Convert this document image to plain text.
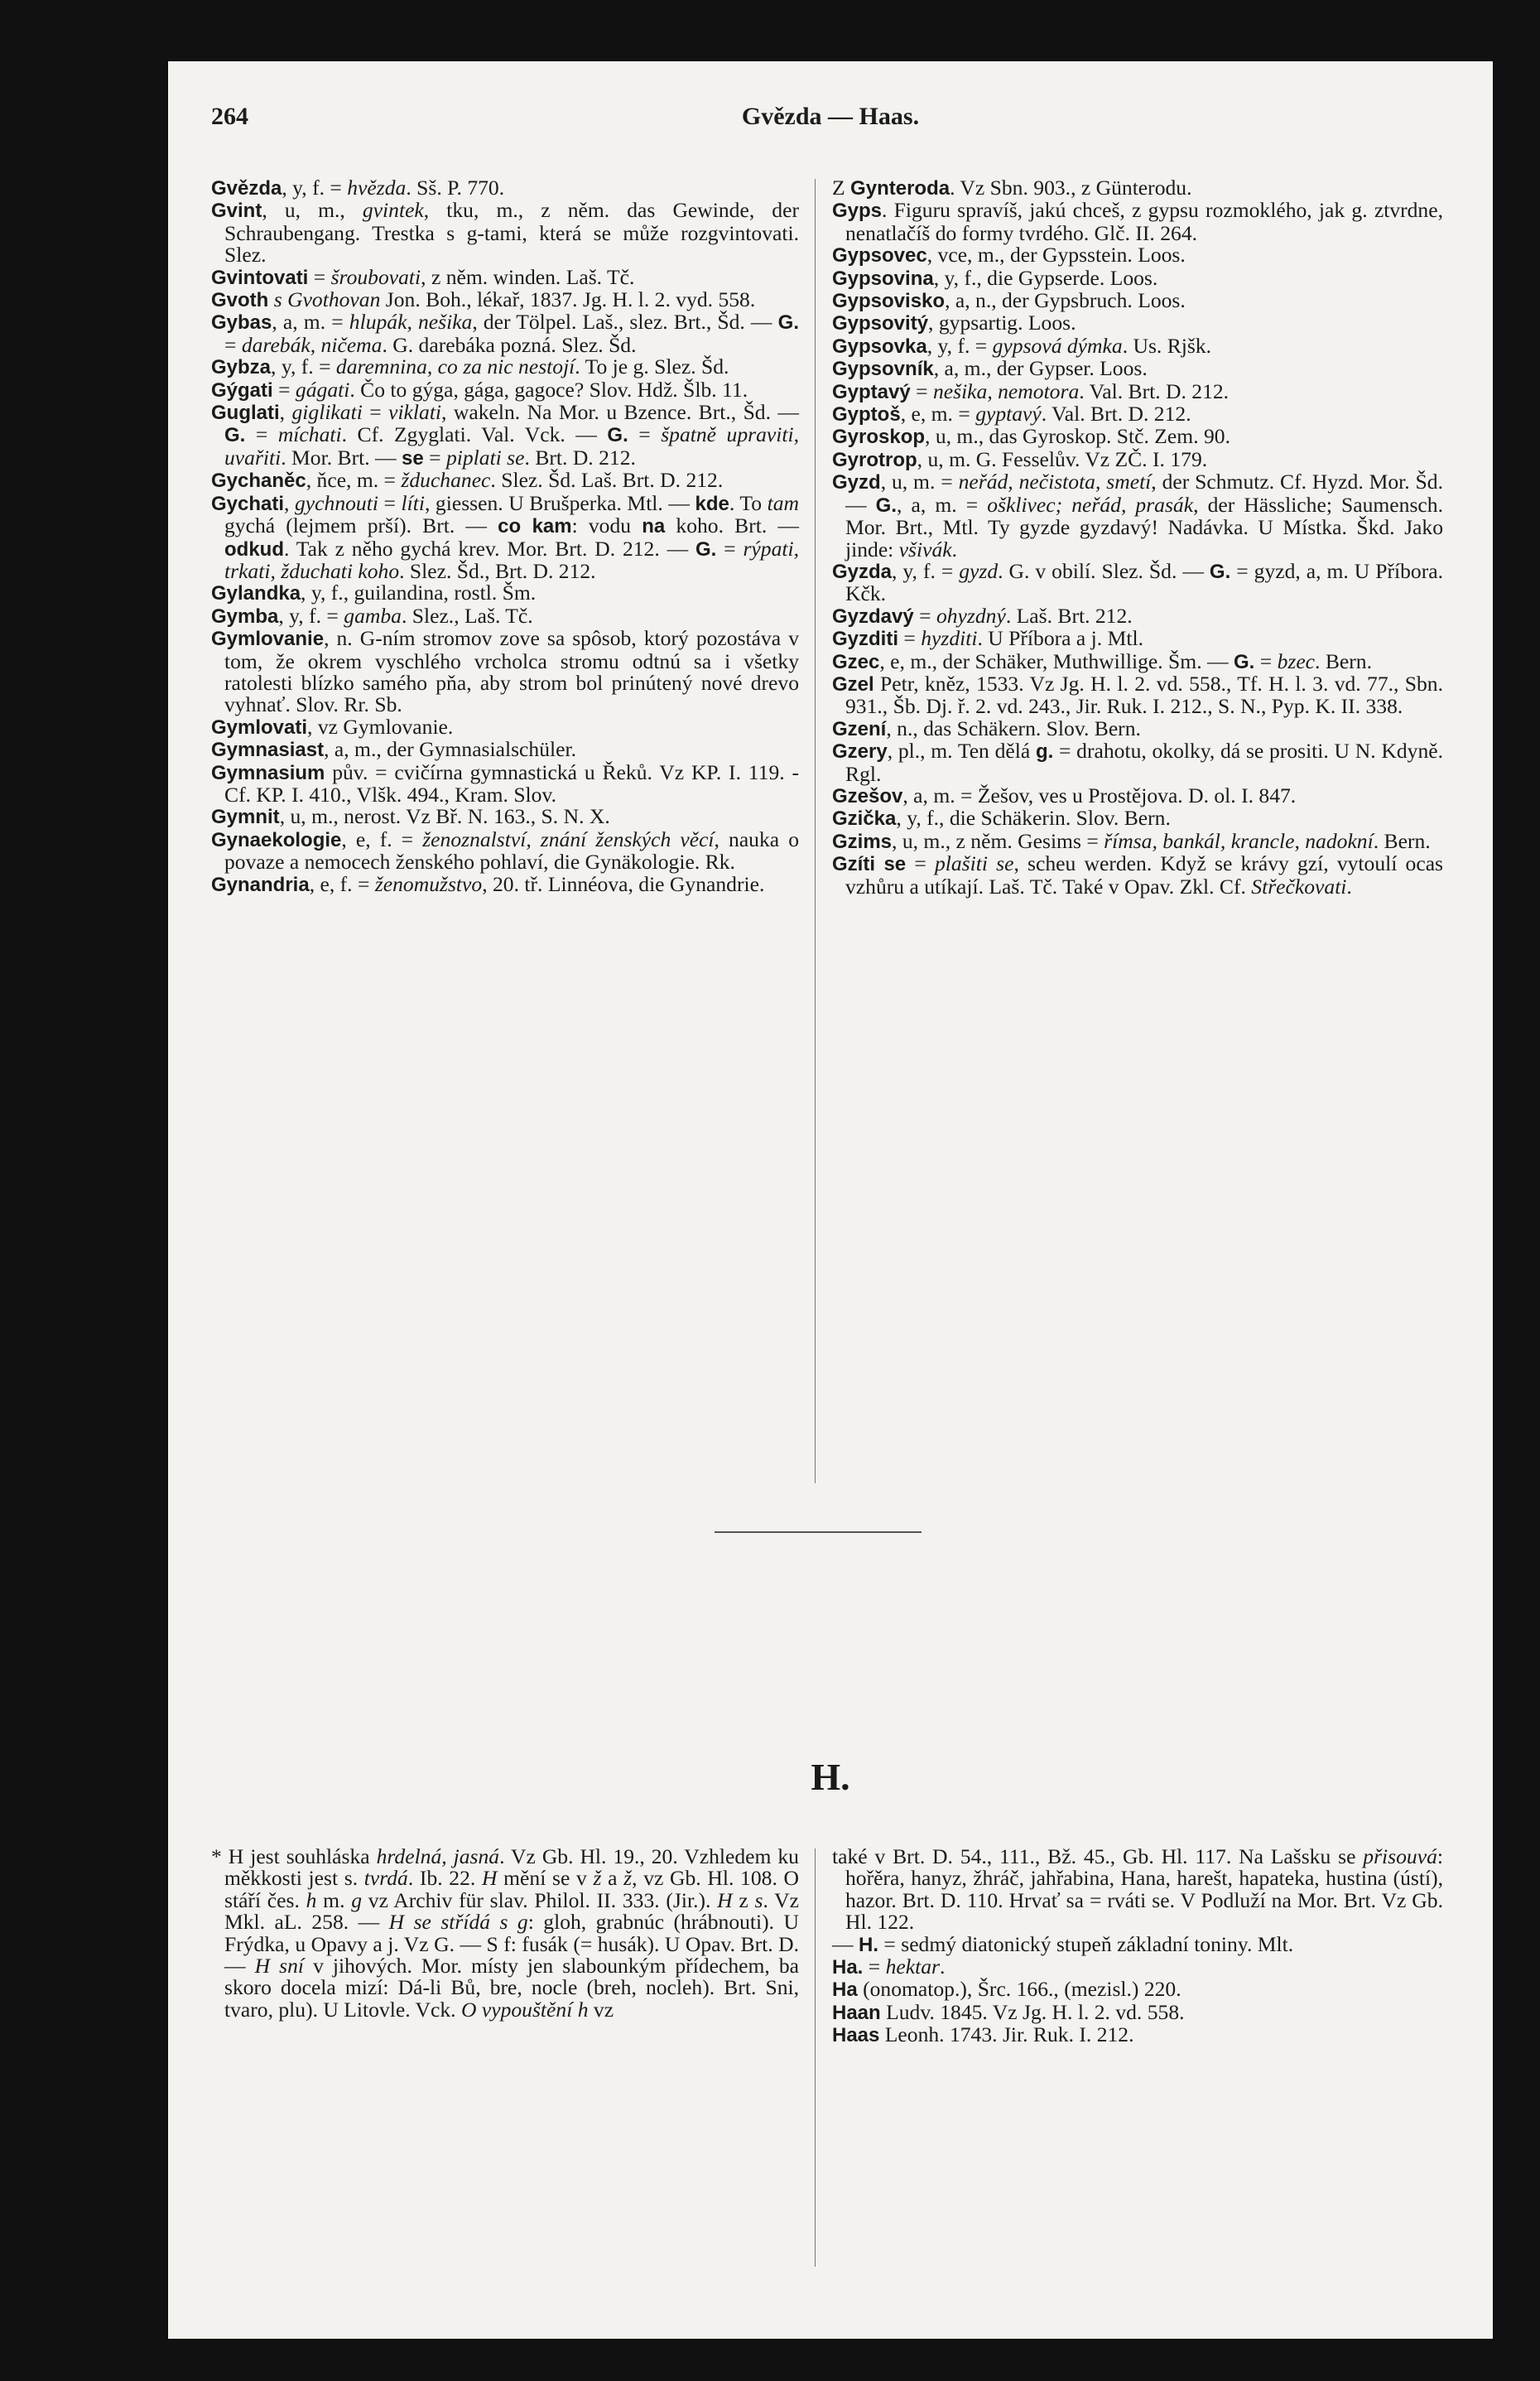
264	Gvězda — Haas.

Gvězda, y, f. = hvězda. Sš. P. 770.

Gvint, u, m., gvintek, tku, m., z něm. das Gewinde, der Schraubengang. Trestka s g-tami, která se může rozgvintovati. Slez.

Gvintovati = šroubovati, z něm. winden. Laš. Tč.

Gvoth s Gvothovan Jon. Boh., lékař, 1837. Jg. H. l. 2. vyd. 558.

Gybas, a, m. = hlupák, nešika, der Tölpel. Laš., slez. Brt., Šd. — G. = darebák, ničema. G. darebáka pozná. Slez. Šd.

Gybza, y, f. = daremnina, co za nic nestojí. To je g. Slez. Šd.

Gýgati = gágati. Čo to gýga, gága, gagoce? Slov. Hdž. Šlb. 11.

Guglati, giglikati = viklati, wakeln. Na Mor. u Bzence. Brt., Šd. — G. = míchati. Cf. Zgyglati. Val. Vck. — G. = špatně upraviti, uvařiti. Mor. Brt. — se = piplati se. Brt. D. 212.

Gychaněc, ňce, m. = žduchanec. Slez. Šd. Laš. Brt. D. 212.

Gychati, gychnouti = líti, giessen. U Brušperka. Mtl. — kde. To tam gychá (lejmem prší). Brt. — co kam: vodu na koho. Brt. — odkud. Tak z něho gychá krev. Mor. Brt. D. 212. — G. = rýpati, trkati, žduchati koho. Slez. Šd., Brt. D. 212.

Gylandka, y, f., guilandina, rostl. Šm.

Gymba, y, f. = gamba. Slez., Laš. Tč.

Gymlovanie, n. G-ním stromov zove sa spôsob, ktorý pozostáva v tom, že okrem vyschlého vrcholca stromu odtnú sa i všetky ratolesti blízko samého pňa, aby strom bol prinútený nové drevo vyhnať. Slov. Rr. Sb.

Gymlovati, vz Gymlovanie.

Gymnasiast, a, m., der Gymnasialschüler.

Gymnasium pův. = cvičírna gymnastická u Řeků. Vz KP. I. 119. - Cf. KP. I. 410., Vlšk. 494., Kram. Slov.

Gymnit, u, m., nerost. Vz Bř. N. 163., S. N. X.

Gynaekologie, e, f. = ženoznalství, znání ženských věcí, nauka o povaze a nemocech ženského pohlaví, die Gynäkologie. Rk.

Gynandria, e, f. = ženomužstvo, 20. tř. Linnéova, die Gynandrie.

Z Gynteroda. Vz Sbn. 903., z Günterodu.

Gyps. Figuru spravíš, jakú chceš, z gypsu rozmoklého, jak g. ztvrdne, nenatlačíš do formy tvrdého. Glč. II. 264.

Gypsovec, vce, m., der Gypsstein. Loos.

Gypsovina, y, f., die Gypserde. Loos.

Gypsovisko, a, n., der Gypsbruch. Loos.

Gypsovitý, gypsartig. Loos.

Gypsovka, y, f. = gypsová dýmka. Us. Rjšk.

Gypsovník, a, m., der Gypser. Loos.

Gyptavý = nešika, nemotora. Val. Brt. D. 212.

Gyptoš, e, m. = gyptavý. Val. Brt. D. 212.

Gyroskop, u, m., das Gyroskop. Stč. Zem. 90.

Gyrotrop, u, m. G. Fesselův. Vz ZČ. I. 179.

Gyzd, u, m. = neřád, nečistota, smetí, der Schmutz. Cf. Hyzd. Mor. Šd. — G., a, m. = ošklivec; neřád, prasák, der Hässliche; Saumensch. Mor. Brt., Mtl. Ty gyzde gyzdavý! Nadávka. U Místka. Škd. Jako jinde: všivák.

Gyzda, y, f. = gyzd. G. v obilí. Slez. Šd. — G. = gyzd, a, m. U Příbora. Kčk.

Gyzdavý = ohyzdný. Laš. Brt. 212.

Gyzditi = hyzditi. U Příbora a j. Mtl.

Gzec, e, m., der Schäker, Muthwillige. Šm. — G. = bzec. Bern.

Gzel Petr, kněz, 1533. Vz Jg. H. l. 2. vd. 558., Tf. H. l. 3. vd. 77., Sbn. 931., Šb. Dj. ř. 2. vd. 243., Jir. Ruk. I. 212., S. N., Pyp. K. II. 338.

Gzení, n., das Schäkern. Slov. Bern.

Gzery, pl., m. Ten dělá g. = drahotu, okolky, dá se prositi. U N. Kdyně. Rgl.

Gzešov, a, m. = Žešov, ves u Prostějova. D. ol. I. 847.

Gzička, y, f., die Schäkerin. Slov. Bern.

Gzims, u, m., z něm. Gesims = římsa, bankál, krancle, nadokní. Bern.

Gzíti se = plašiti se, scheu werden. Když se krávy gzí, vytoulí ocas vzhůru a utíkají. Laš. Tč. Také v Opav. Zkl. Cf. Střečkovati.

H.

* H jest souhláska hrdelná, jasná. Vz Gb. Hl. 19., 20. Vzhledem ku měkkosti jest s. tvrdá. Ib. 22. H mění se v ž a ž, vz Gb. Hl. 108. O stáří čes. h m. g vz Archiv für slav. Philol. II. 333. (Jir.). H z s. Vz Mkl. aL. 258. — H se střídá s g: gloh, grabnúc (hrábnouti). U Frýdka, u Opavy a j. Vz G. — S f: fusák (= husák). U Opav. Brt. D. — H sní v jihových. Mor. místy jen slabounkým přídechem, ba skoro docela mizí: Dá-li Bů, bre, nocle (breh, nocleh). Brt. Sni, tvaro, plu). U Litovle. Vck. O vypouštění h vz

také v Brt. D. 54., 111., Bž. 45., Gb. Hl. 117. Na Lašsku se přisouvá: hořěra, hanyz, žhráč, jahřabina, Hana, harešt, hapateka, hustina (ústí), hazor. Brt. D. 110. Hrvať sa = rváti se. V Podluží na Mor. Brt. Vz Gb. Hl. 122.

— H. = sedmý diatonický stupeň základní toniny. Mlt.

Ha. = hektar.

Ha (onomatop.), Šrc. 166., (mezisl.) 220.

Haan Ludv. 1845. Vz Jg. H. l. 2. vd. 558.

Haas Leonh. 1743. Jir. Ruk. I. 212.
